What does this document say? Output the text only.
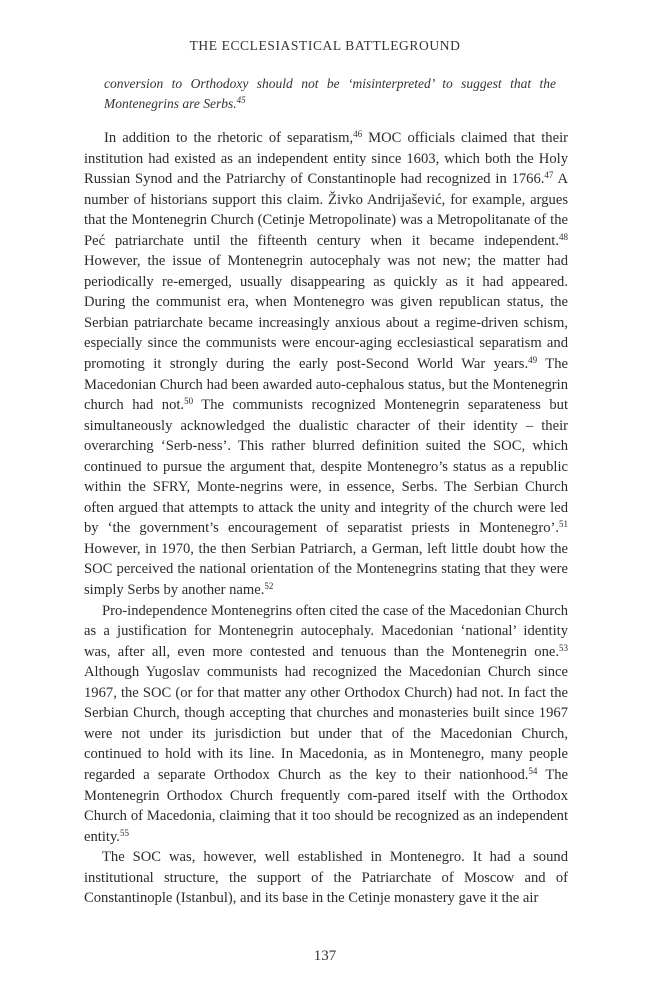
THE ECCLESIASTICAL BATTLEGROUND
conversion to Orthodoxy should not be ‘misinterpreted’ to suggest that the Montenegrins are Serbs.$^{45}$

In addition to the rhetoric of separatism,$^{46}$ MOC officials claimed that their institution had existed as an independent entity since 1603, which both the Holy Russian Synod and the Patriarchy of Constantinople had recognized in 1766.47 A number of historians support this claim. Živko Andrijašević, for example, argues that the Montenegrin Church (Cetinje Metropolinate) was a Metropolitanate of the Peć patriarchate until the fifteenth century when it became independent.$^{48}$ However, the issue of Montenegrin autocephaly was not new; the matter had periodically re-emerged, usually disappearing as quickly as it had appeared. During the communist era, when Montenegro was given republican status, the Serbian patriarchate became increasingly anxious about a regime-driven schism, especially since the communists were encour-aging ecclesiastical separatism and promoting it strongly during the early post-Second World War years.$^{49}$ The Macedonian Church had been awarded auto-cephalous status, but the Montenegrin church had not.$^{50}$ The communists recognized Montenegrin separateness but simultaneously acknowledged the dualistic character of their identity – their overarching ‘Serb-ness’. This rather blurred definition suited the SOC, which continued to pursue the argument that, despite Montenegro’s status as a republic within the SFRY, Monte-negrins were, in essence, Serbs. The Serbian Church often argued that attempts to attack the unity and integrity of the church were led by ‘the government’s encouragement of separatist priests in Montenegro’.$^{51}$ However, in 1970, the then Serbian Patriarch, a German, left little doubt how the SOC perceived the national orientation of the Montenegrins stating that they were simply Serbs by another name.$^{52}$

Pro-independence Montenegrins often cited the case of the Macedonian Church as a justification for Montenegrin autocephaly. Macedonian ‘national’ identity was, after all, even more contested and tenuous than the Montenegrin one.$^{53}$ Although Yugoslav communists had recognized the Macedonian Church since 1967, the SOC (or for that matter any other Orthodox Church) had not. In fact the Serbian Church, though accepting that churches and monasteries built since 1967 were not under its jurisdiction but under that of the Macedonian Church, continued to hold with its line. In Macedonia, as in Montenegro, many people regarded a separate Orthodox Church as the key to their nationhood.$^{54}$ The Montenegrin Orthodox Church frequently com-pared itself with the Orthodox Church of Macedonia, claiming that it too should be recognized as an independent entity.$^{55}$

The SOC was, however, well established in Montenegro. It had a sound institutional structure, the support of the Patriarchate of Moscow and of Constantinople (Istanbul), and its base in the Cetinje monastery gave it the air

137
